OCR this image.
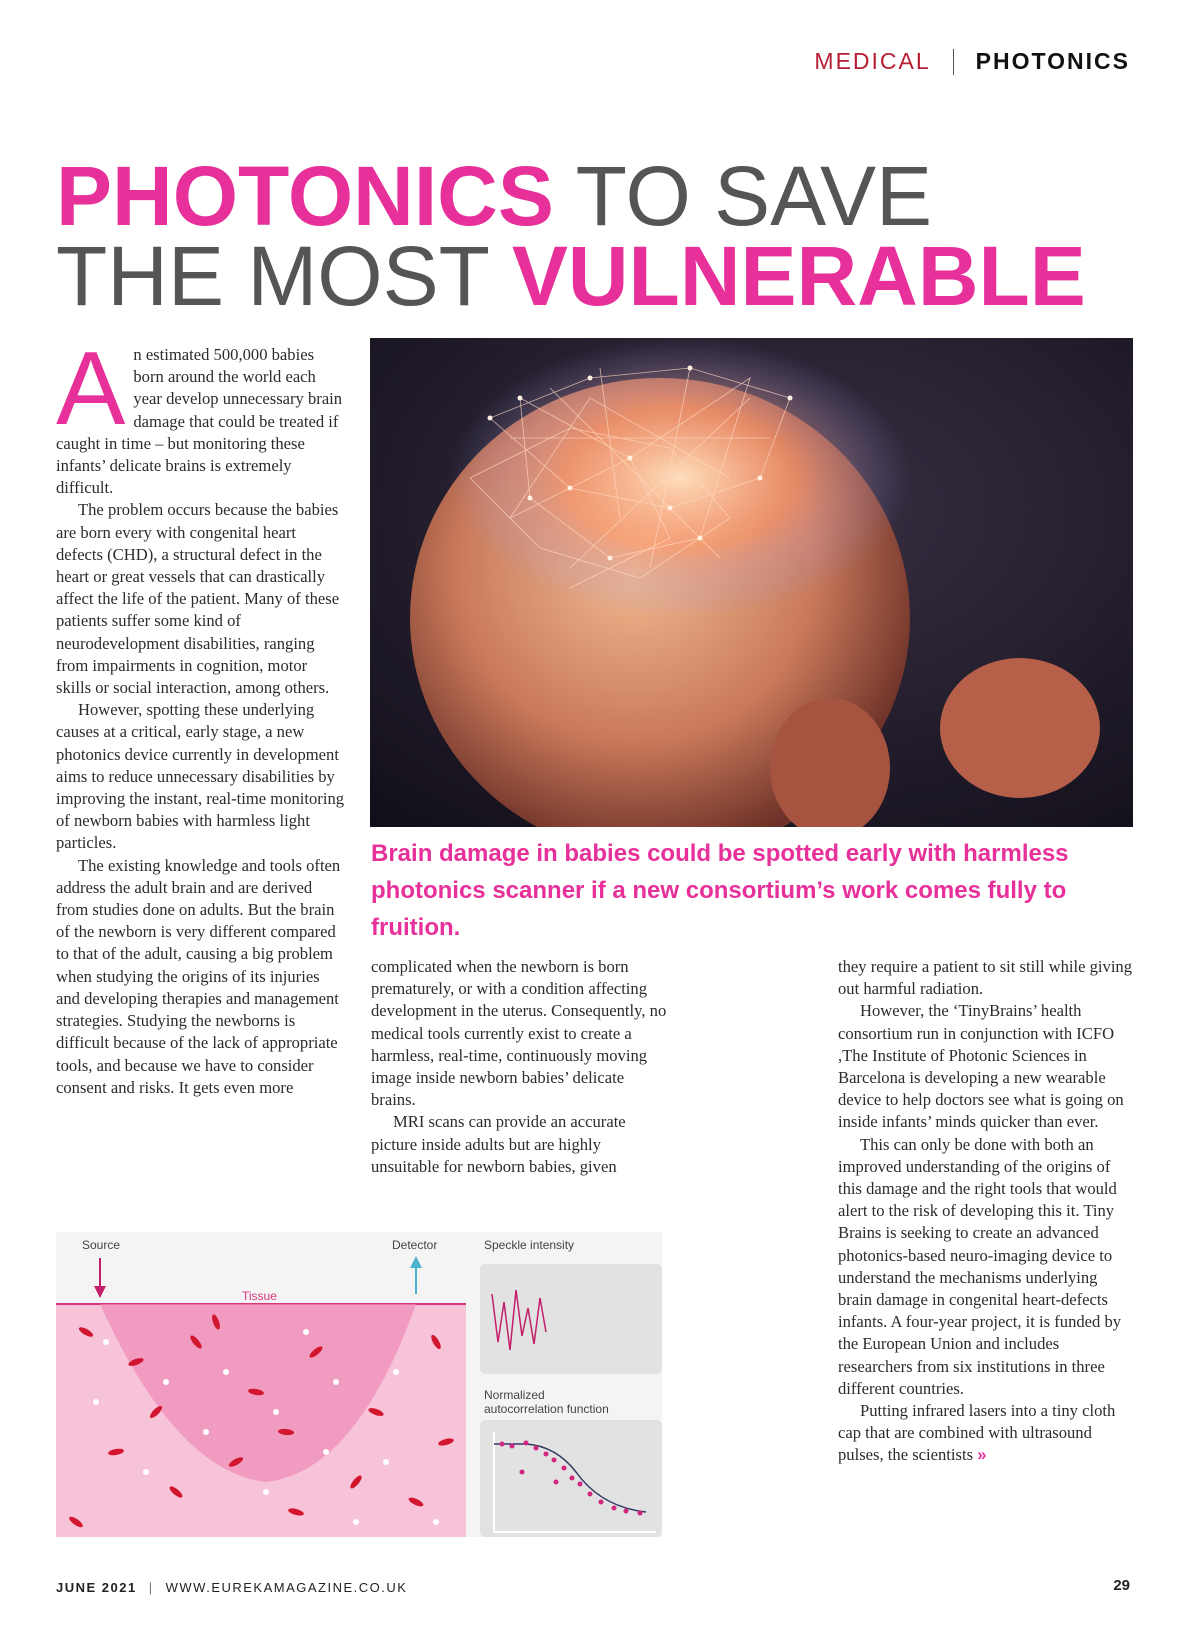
MEDICAL PHOTONICS
PHOTONICS TO SAVE
THE MOST VULNERABLE

An estimated 500,000 babies born around the world each year develop unnecessary brain damage that could be treated if caught in time – but monitoring these infants’ delicate brains is extremely difficult.

The problem occurs because the babies are born every with congenital heart defects (CHD), a structural defect in the heart or great vessels that can drastically affect the life of the patient. Many of these patients suffer some kind of neurodevelopment disabilities, ranging from impairments in cognition, motor skills or social interaction, among others.

However, spotting these underlying causes at a critical, early stage, a new photonics device currently in development aims to reduce unnecessary disabilities by improving the instant, real-time monitoring of newborn babies with harmless light particles.

The existing knowledge and tools often address the adult brain and are derived from studies done on adults. But the brain of the newborn is very different compared to that of the adult, causing a big problem when studying the origins of its injuries and developing therapies and management strategies. Studying the newborns is difficult because of the lack of appropriate tools, and because we have to consider consent and risks. It gets even more

Brain damage in babies could be spotted early with harmless photonics scanner if a new consortium’s work comes fully to fruition.

complicated when the newborn is born prematurely, or with a condition affecting development in the uterus. Consequently, no medical tools currently exist to create a harmless, real-time, continuously moving image inside newborn babies’ delicate brains.

MRI scans can provide an accurate picture inside adults but are highly unsuitable for newborn babies, given

they require a patient to sit still while giving out harmful radiation.

However, the ‘TinyBrains’ health consortium run in conjunction with ICFO ,The Institute of Photonic Sciences in Barcelona is developing a new wearable device to help doctors see what is going on inside infants’ minds quicker than ever.

This can only be done with both an improved understanding of the origins of this damage and the right tools that would alert to the risk of developing this it. Tiny Brains is seeking to create an advanced photonics-based neuro-imaging device to understand the mechanisms underlying brain damage in congenital heart-defects infants. A four-year project, it is funded by the European Union and includes researchers from six institutions in three different countries.

Putting infrared lasers into a tiny cloth cap that are combined with ultrasound pulses, the scientists »

Source	Detector
Tissue
Speckle intensity
Normalized
autocorrelation function
JUNE 2021 | WWW.EUREKAMAGAZINE.CO.UK	29
